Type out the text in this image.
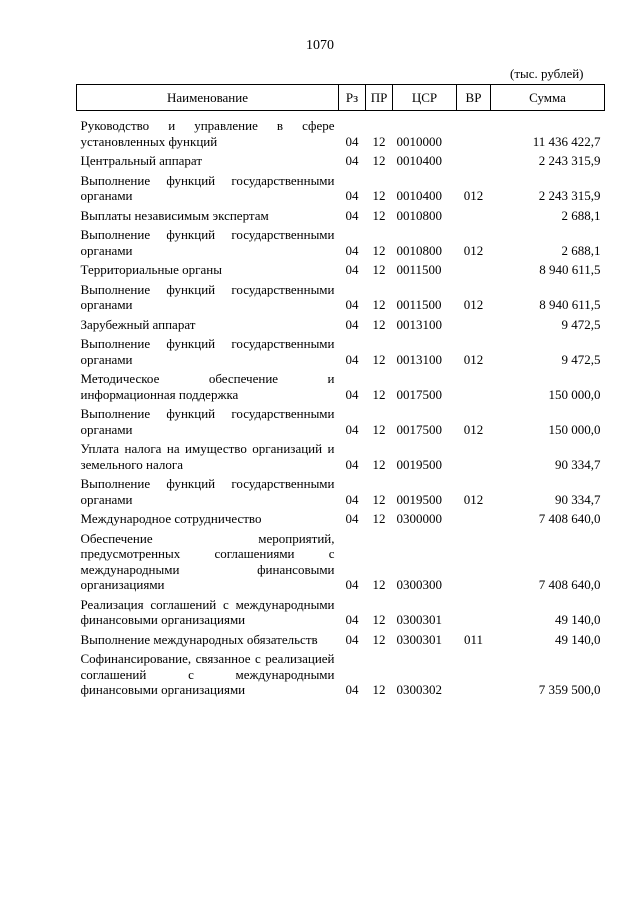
1070
(тыс. рублей)
Наименование	Рз	ПР	ЦСР	ВР	Сумма
Руководство и управление в сфере установленных функций	04	12	0010000		11 436 422,7
Центральный аппарат	04	12	0010400		2 243 315,9
Выполнение функций государственными органами	04	12	0010400	012	2 243 315,9
Выплаты независимым экспертам	04	12	0010800		2 688,1
Выполнение функций государственными органами	04	12	0010800	012	2 688,1
Территориальные органы	04	12	0011500		8 940 611,5
Выполнение функций государственными органами	04	12	0011500	012	8 940 611,5
Зарубежный аппарат	04	12	0013100		9 472,5
Выполнение функций государственными органами	04	12	0013100	012	9 472,5
Методическое обеспечение и информационная поддержка	04	12	0017500		150 000,0
Выполнение функций государственными органами	04	12	0017500	012	150 000,0
Уплата налога на имущество организаций и земельного налога	04	12	0019500		90 334,7
Выполнение функций государственными органами	04	12	0019500	012	90 334,7
Международное сотрудничество	04	12	0300000		7 408 640,0
Обеспечение мероприятий, предусмотренных соглашениями с международными финансовыми организациями	04	12	0300300		7 408 640,0
Реализация соглашений с международными финансовыми организациями	04	12	0300301		49 140,0
Выполнение международных обязательств	04	12	0300301	011	49 140,0
Софинансирование, связанное с реализацией соглашений с международными финансовыми организациями	04	12	0300302		7 359 500,0
